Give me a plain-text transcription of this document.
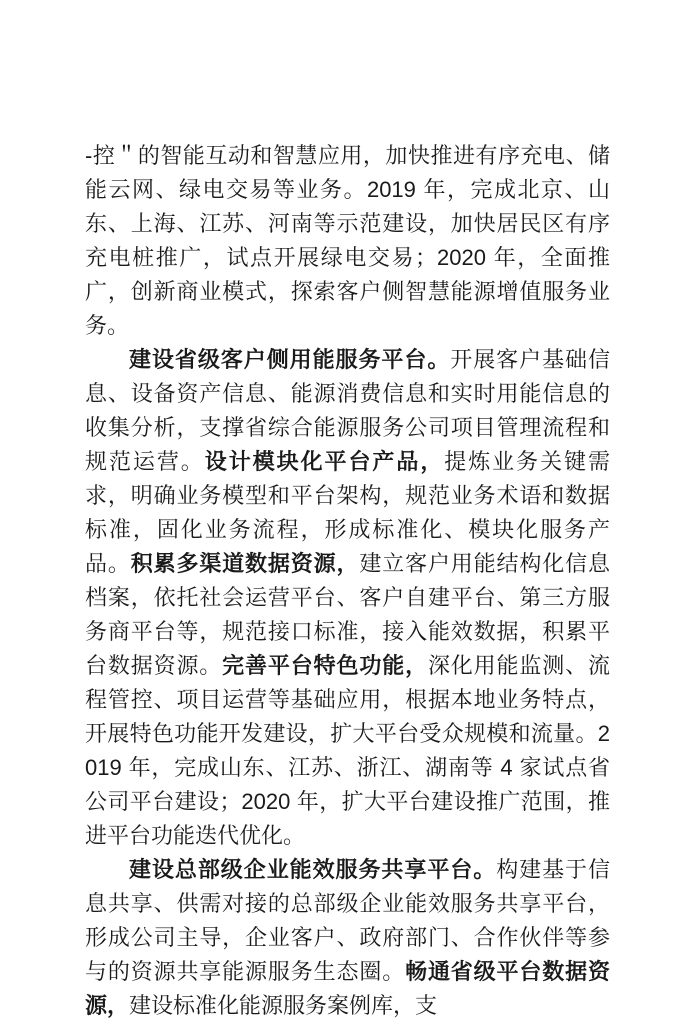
-控＂的智能互动和智慧应用，加快推进有序充电、储能云网、绿电交易等业务。2019 年，完成北京、山东、上海、江苏、河南等示范建设，加快居民区有序充电桩推广，试点开展绿电交易；2020 年，全面推广，创新商业模式，探索客户侧智慧能源增值服务业务。

建设省级客户侧用能服务平台。开展客户基础信息、设备资产信息、能源消费信息和实时用能信息的收集分析，支撑省综合能源服务公司项目管理流程和规范运营。设计模块化平台产品，提炼业务关键需求，明确业务模型和平台架构，规范业务术语和数据标准，固化业务流程，形成标准化、模块化服务产品。积累多渠道数据资源，建立客户用能结构化信息档案，依托社会运营平台、客户自建平台、第三方服务商平台等，规范接口标准，接入能效数据，积累平台数据资源。完善平台特色功能，深化用能监测、流程管控、项目运营等基础应用，根据本地业务特点，开展特色功能开发建设，扩大平台受众规模和流量。2019 年，完成山东、江苏、浙江、湖南等 4 家试点省公司平台建设；2020 年，扩大平台建设推广范围，推进平台功能迭代优化。

建设总部级企业能效服务共享平台。构建基于信息共享、供需对接的总部级企业能效服务共享平台，形成公司主导，企业客户、政府部门、合作伙伴等参与的资源共享能源服务生态圈。畅通省级平台数据资源，建设标准化能源服务案例库，支
